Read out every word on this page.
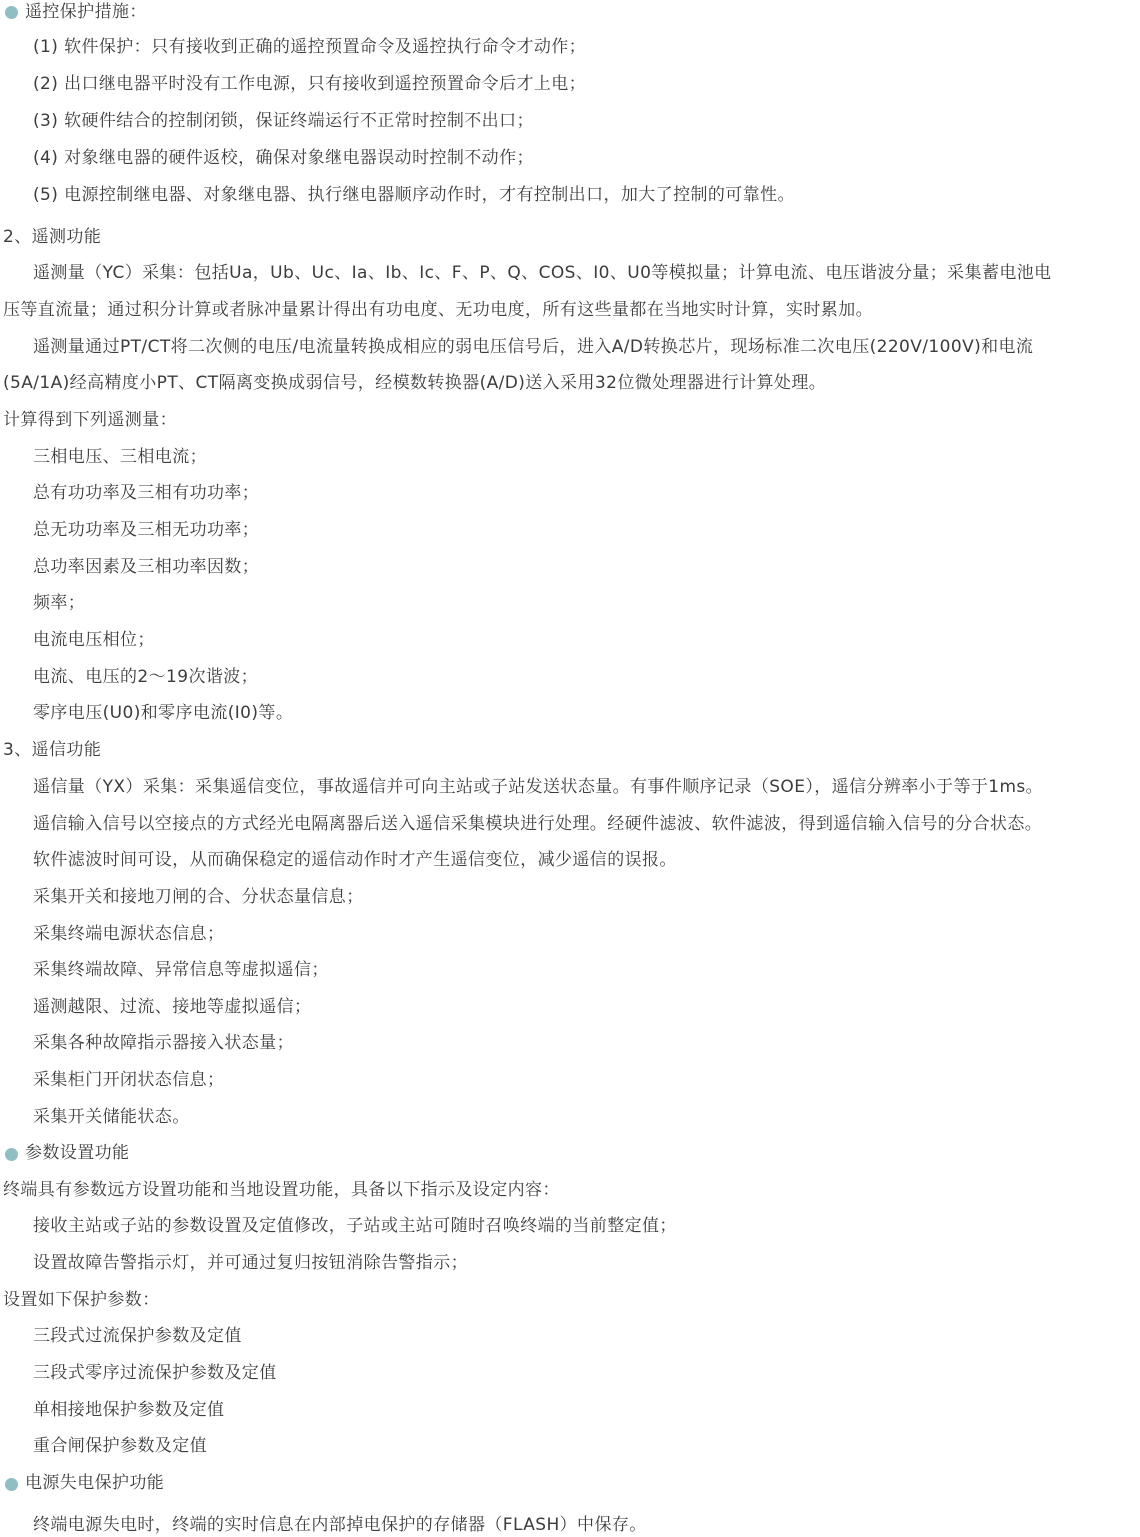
遥控保护措施：
(1) 软件保护：只有接收到正确的遥控预置命令及遥控执行命令才动作；
(2) 出口继电器平时没有工作电源，只有接收到遥控预置命令后才上电；
(3) 软硬件结合的控制闭锁，保证终端运行不正常时控制不出口；
(4) 对象继电器的硬件返校，确保对象继电器误动时控制不动作；
(5) 电源控制继电器、对象继电器、执行继电器顺序动作时，才有控制出口，加大了控制的可靠性。
2、遥测功能
遥测量（YC）采集：包括Ua，Ub、Uc、Ia、Ib、Ic、F、P、Q、COS、I0、U0等模拟量；计算电流、电压谐波分量；采集蓄电池电
压等直流量；通过积分计算或者脉冲量累计得出有功电度、无功电度，所有这些量都在当地实时计算，实时累加。
遥测量通过PT/CT将二次侧的电压/电流量转换成相应的弱电压信号后，进入A/D转换芯片，现场标准二次电压(220V/100V)和电流
(5A/1A)经高精度小PT、CT隔离变换成弱信号，经模数转换器(A/D)送入采用32位微处理器进行计算处理。
计算得到下列遥测量：
三相电压、三相电流；
总有功功率及三相有功功率；
总无功功率及三相无功功率；
总功率因素及三相功率因数；
频率；
电流电压相位；
电流、电压的2～19次谐波；
零序电压(U0)和零序电流(I0)等。
3、遥信功能
遥信量（YX）采集：采集遥信变位，事故遥信并可向主站或子站发送状态量。有事件顺序记录（SOE），遥信分辨率小于等于1ms。
遥信输入信号以空接点的方式经光电隔离器后送入遥信采集模块进行处理。经硬件滤波、软件滤波，得到遥信输入信号的分合状态。
软件滤波时间可设，从而确保稳定的遥信动作时才产生遥信变位，减少遥信的误报。
采集开关和接地刀闸的合、分状态量信息；
采集终端电源状态信息；
采集终端故障、异常信息等虚拟遥信；
遥测越限、过流、接地等虚拟遥信；
采集各种故障指示器接入状态量；
采集柜门开闭状态信息；
采集开关储能状态。
参数设置功能
终端具有参数远方设置功能和当地设置功能，具备以下指示及设定内容：
接收主站或子站的参数设置及定值修改，子站或主站可随时召唤终端的当前整定值；
设置故障告警指示灯，并可通过复归按钮消除告警指示；
设置如下保护参数：
三段式过流保护参数及定值
三段式零序过流保护参数及定值
单相接地保护参数及定值
重合闸保护参数及定值
电源失电保护功能
终端电源失电时，终端的实时信息在内部掉电保护的存储器（FLASH）中保存。
